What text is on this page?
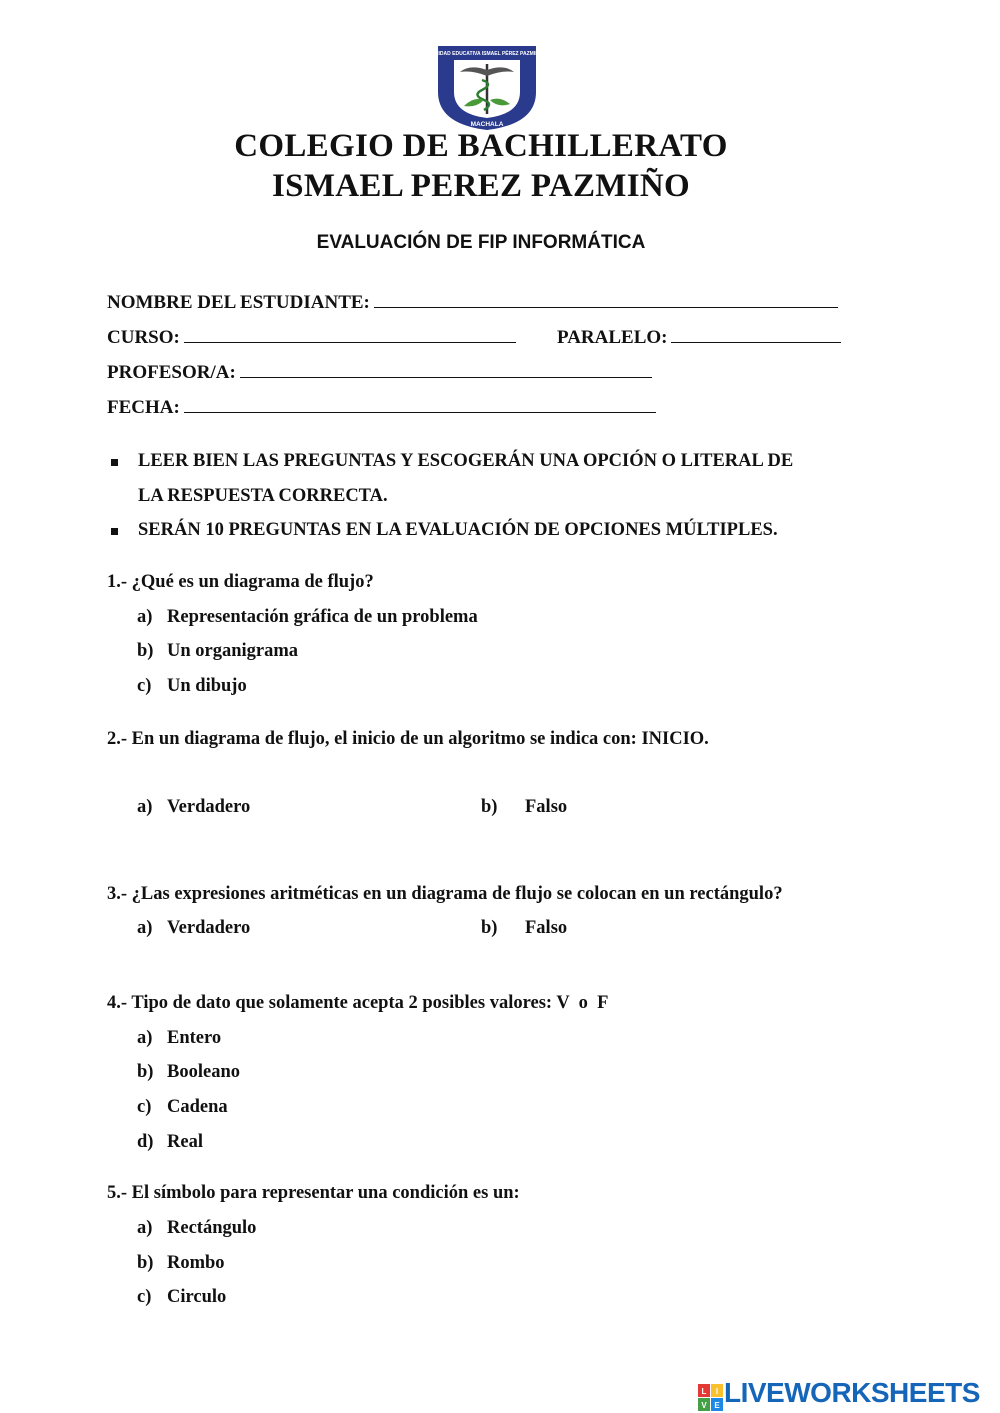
MACHALA
UNIDAD EDUCATIVA ISMAEL PÉREZ PAZMIÑO
COLEGIO DE BACHILLERATO
ISMAEL PEREZ PAZMIÑO
EVALUACIÓN DE FIP INFORMÁTICA
NOMBRE DEL ESTUDIANTE:
CURSO:	PARALELO:
PROFESOR/A:
FECHA:
LEER BIEN LAS PREGUNTAS Y ESCOGERÁN UNA OPCIÓN O LITERAL DE
LA RESPUESTA CORRECTA.
SERÁN 10 PREGUNTAS EN LA EVALUACIÓN DE OPCIONES MÚLTIPLES.
1.- ¿Qué es un diagrama de flujo?
a) Representación gráfica de un problema
b) Un organigrama
c) Un dibujo
2.- En un diagrama de flujo, el inicio de un algoritmo se indica con: INICIO.
a) Verdadero	b) Falso
3.- ¿Las expresiones aritméticas en un diagrama de flujo se colocan en un rectángulo?
a) Verdadero	b) Falso
4.- Tipo de dato que solamente acepta 2 posibles valores: V  o  F
a) Entero
b) Booleano
c) Cadena
d) Real
5.- El símbolo para representar una condición es un:
a) Rectángulo
b) Rombo
c) Circulo
L I
V E LIVEWORKSHEETS
